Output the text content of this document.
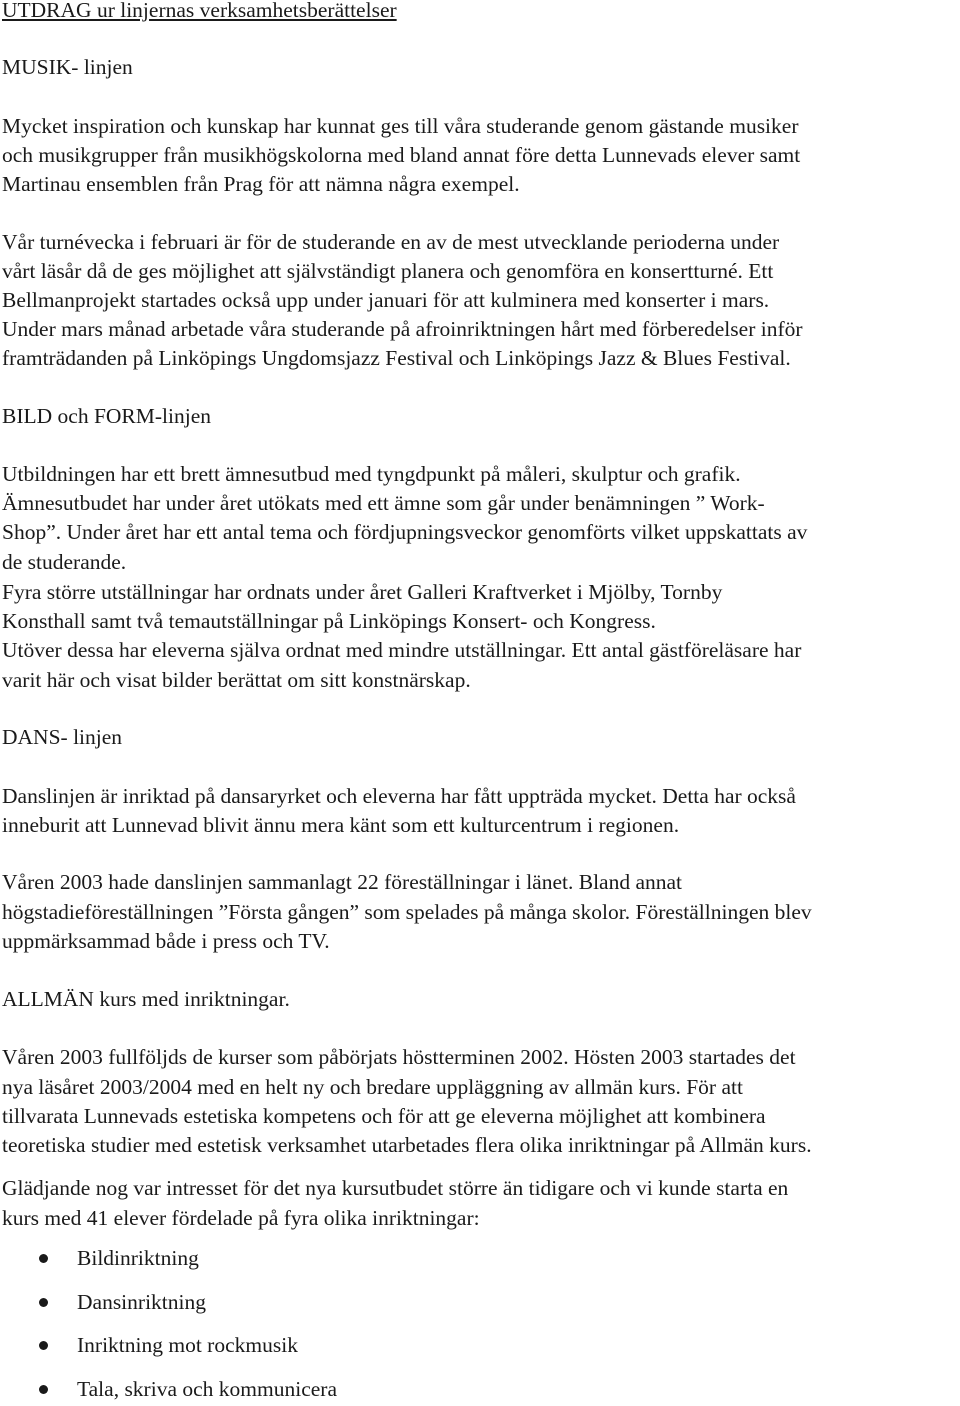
UTDRAG ur linjernas verksamhetsberättelser
MUSIK- linjen
Mycket inspiration och kunskap har kunnat ges till våra studerande genom gästande musiker
och musikgrupper från musikhögskolorna med bland annat före detta Lunnevads elever samt
Martinau ensemblen från Prag för att nämna några exempel.
Vår turnévecka i februari är för de studerande en av de mest utvecklande perioderna under
vårt läsår då de ges möjlighet att självständigt planera och genomföra en konsertturné. Ett
Bellmanprojekt startades också upp under januari för att kulminera med konserter i mars.
Under mars månad arbetade våra studerande på afroinriktningen hårt med förberedelser inför
framträdanden på Linköpings Ungdomsjazz Festival och Linköpings Jazz & Blues Festival.
BILD och FORM-linjen
Utbildningen har ett brett ämnesutbud med tyngdpunkt på måleri, skulptur och grafik.
Ämnesutbudet har under året utökats med ett ämne som går under benämningen ” Work-
Shop”. Under året har ett antal tema och fördjupningsveckor genomförts vilket uppskattats av
de studerande.
Fyra större utställningar har ordnats under året Galleri Kraftverket i Mjölby, Tornby
Konsthall samt två temautställningar på Linköpings Konsert- och Kongress.
Utöver dessa har eleverna själva ordnat med mindre utställningar. Ett antal gästföreläsare har
varit här och visat bilder berättat om sitt konstnärskap.
DANS- linjen
Danslinjen är inriktad på dansaryrket och eleverna har fått uppträda mycket. Detta har också
inneburit att Lunnevad blivit ännu mera känt som ett kulturcentrum i regionen.
Våren 2003 hade danslinjen sammanlagt 22 föreställningar i länet. Bland annat
högstadieföreställningen ”Första gången” som spelades på många skolor. Föreställningen blev
uppmärksammad både i press och TV.
ALLMÄN kurs med inriktningar.
Våren 2003 fullföljds de kurser som påbörjats höstterminen 2002. Hösten 2003 startades det
nya läsåret 2003/2004 med en helt ny och bredare uppläggning av allmän kurs. För att
tillvarata Lunnevads estetiska kompetens och för att ge eleverna möjlighet att kombinera
teoretiska studier med estetisk verksamhet utarbetades flera olika inriktningar på Allmän kurs.
Glädjande nog var intresset för det nya kursutbudet större än tidigare och vi kunde starta en
kurs med 41 elever fördelade på fyra olika inriktningar:
Bildinriktning
Dansinriktning
Inriktning mot rockmusik
Tala, skriva och kommunicera
